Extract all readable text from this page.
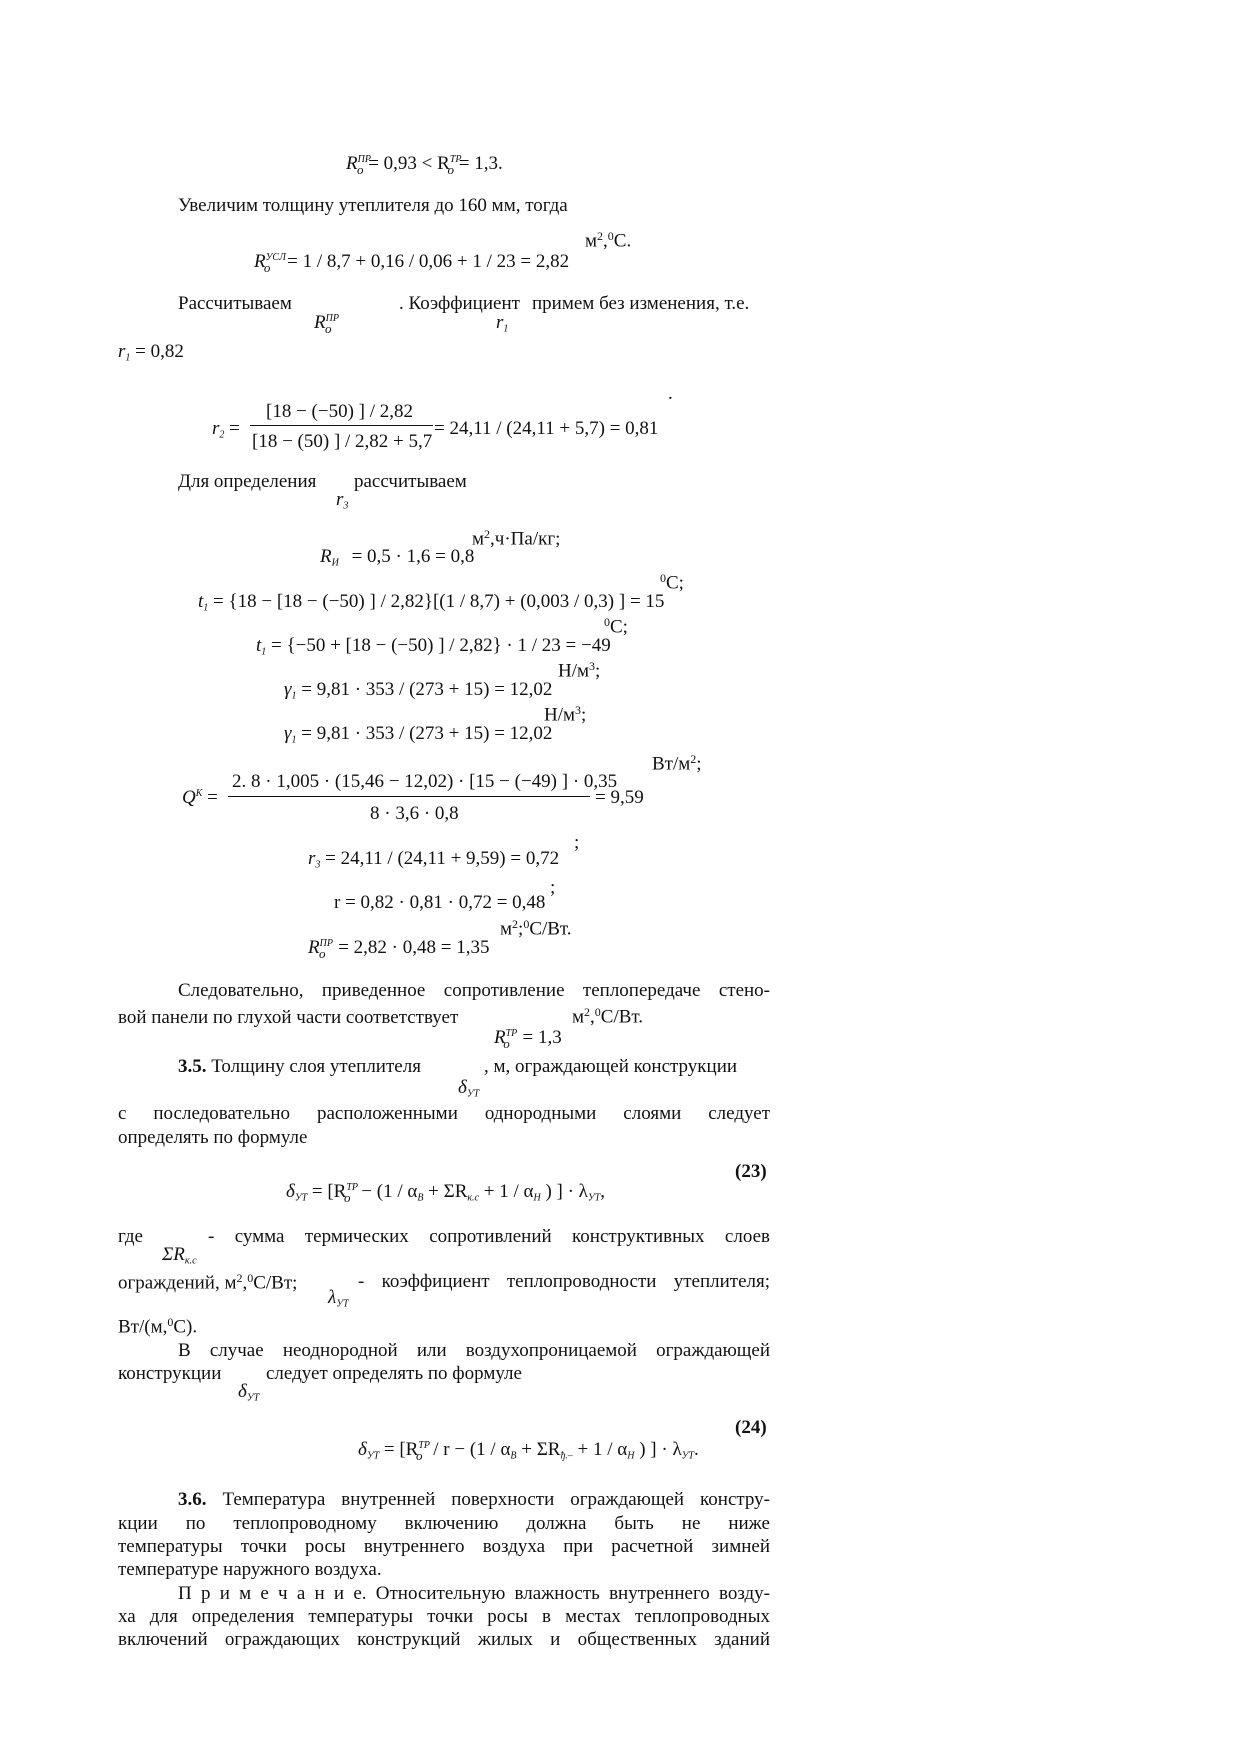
$R^{ПР}_o = 0,93 < R^{ТР}_o = 1,3$.
Увеличим толщину утеплителя до 160 мм, тогда
$м^2,^0С$.
$R^{УСЛ}_o = 1 / 8,7 + 0,16 / 0,06 + 1 / 23 = 2,82$
Рассчитываем	. Коэффициент примем без изменения, т.е.
$R^{ПР}_o$	r1
r1 = 0,82
.
r2 =
[18 − (−50) ] / 2,82
[18 − (50) ] / 2,82 + 5,7
= 24,11 / (24,11 + 5,7) = 0,81
Для определения рассчитываем
r3
$м^2,ч\cdot Па/кг$;
RИ = 0,5 · 1,6 = 0,8
$^0$С;
t1 = {18 − [18 − (−50) ] / 2,82}[(1 / 8,7) + (0,003 / 0,3) ] = 15
$^0$С;
t1 = {−50 + [18 − (−50) ] / 2,82} · 1 / 23 = −49
$Н/м^3$;
γ1 = 9,81 · 353 / (273 + 15) = 12,02
$Н/м^3$;
γ1 = 9,81 · 353 / (273 + 15) = 12,02
$Вт/м^2$;
$Q^К$ =
2. 8 · 1,005 · (15,46 − 12,02) · [15 − (−49) ] · 0,35
8 · 3,6 · 0,8
= 9,59
;
r3 = 24,11 / (24,11 + 9,59) = 0,72
;
r = 0,82 · 0,81 · 0,72 = 0,48
$м^2;^0С/Вт$.
$R^{ПР}_o = 2,82 \cdot 0,48 = 1,35$
Следовательно, приведенное сопротивление теплопередаче стено-
вой панели по глухой части соответствует	$м^2,^0С/Вт$.
$R^{ТР}_o = 1,3$
3.5. Толщину слоя утеплителя	, м, ограждающей конструкции
δУТ
с последовательно расположенными однородными слоями следует
определять по формуле
(23)
$\delta УТ = [R^{ТР}_o - (1 / \alpha В + \Sigma Rк.с + 1 / \alpha Н$ ) ] · λУТ,
где	- сумма термических сопротивлений конструктивных слоев
ΣRк.с
ограждений, $м^2,^0С/Вт$;	- коэффициент теплопроводности утеплителя;
λУТ
Вт/(м,$^0$С).
В случае неоднородной или воздухопроницаемой ограждающей
конструкции следует определять по формуле
δУТ
(24)
$\delta УТ = [R^{ТР}_o / r - (1 / \alpha В + \Sigma Rђ.- + 1 / \alpha Н$ ) ] · λУТ.
3.6. Температура внутренней поверхности ограждающей констру-
кции по теплопроводному включению должна быть не ниже
температуры точки росы внутреннего воздуха при расчетной зимней
температуре наружного воздуха.
П р и м е ч а н и е. Относительную влажность внутреннего возду-
ха для определения температуры точки росы в местах теплопроводных
включений ограждающих конструкций жилых и общественных зданий
